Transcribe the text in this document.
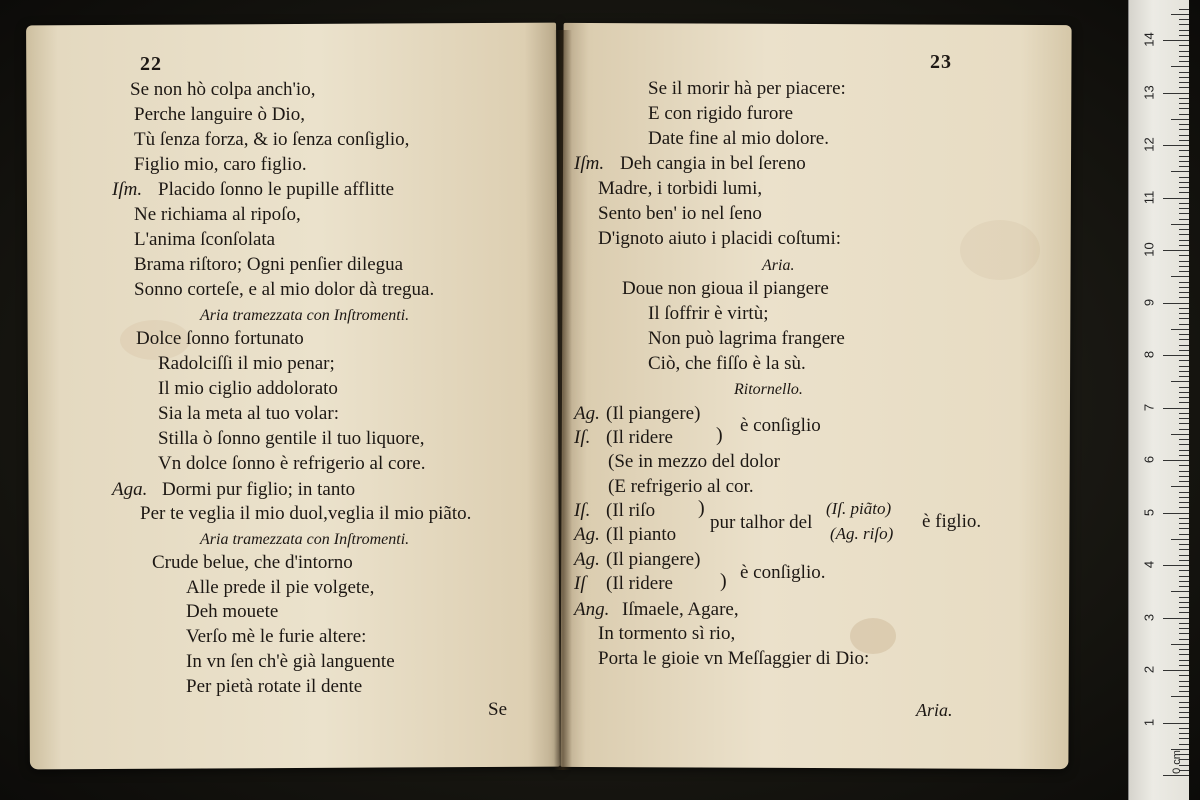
22
Se non hò colpa anch'io,
Perche languire ò Dio,
Tù ſenza forza, & io ſenza conſiglio,
Figlio mio, caro figlio.
Iſm. Placido ſonno le pupille afflitte
Ne richiama al ripoſo,
L'anima ſconſolata
Brama riſtoro; Ogni penſier dilegua
Sonno corteſe, e al mio dolor dà tregua.
Aria tramezzata con Inſtromenti.
Dolce ſonno fortunato
Radolciſſi il mio penar;
Il mio ciglio addolorato
Sia la meta al tuo volar:
Stilla ò ſonno gentile il tuo liquore,
Vn dolce ſonno è refrigerio al core.
Aga. Dormi pur figlio; in tanto
Per te veglia il mio duol,veglia il mio piãto.
Aria tramezzata con Inſtromenti.
Crude belue, che d'intorno
Alle prede il pie volgete,
Deh mouete
Verſo mè le furie altere:
In vn ſen ch'è già languente
Per pietà rotate il dente
Se
23
Se il morir hà per piacere:
E con rigido furore
Date fine al mio dolore.
Iſm. Deh cangia in bel ſereno
Madre, i torbidi lumi,
Sento ben' io nel ſeno
D'ignoto aiuto i placidi coſtumi:
Aria.
Doue non gioua il piangere
Il ſoffrir è virtù;
Non può lagrima frangere
Ciò, che fiſſo è la sù.
Ritornello.
Ag. (Il piangere)
Iſ. (Il ridere ) è conſiglio
(Se in mezzo del dolor
(E refrigerio al cor.
Iſ. (Il riſo )
Ag. (Il pianto
pur talhor del
(Iſ. piãto)
(Ag. riſo)
è figlio.
Ag. (Il piangere)
Iſ (Il ridere ) è conſiglio.
Ang. Iſmaele, Agare,
In tormento sì rio,
Porta le gioie vn Meſſaggier di Dio:
Aria.
1
2
3
4
5
6
7
8
9
10
11
12
13
14
0 cm
